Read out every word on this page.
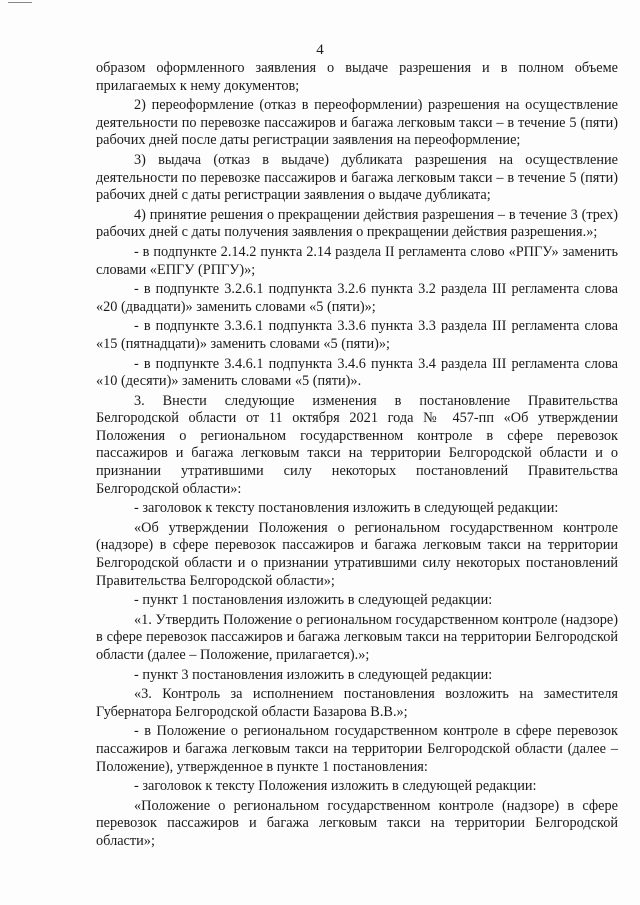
4

образом оформленного заявления о выдаче разрешения и в полном объеме прилагаемых к нему документов;

2) переоформление (отказ в переоформлении) разрешения на осуществление деятельности по перевозке пассажиров и багажа легковым такси – в течение 5 (пяти) рабочих дней после даты регистрации заявления на переоформление;

3) выдача (отказ в выдаче) дубликата разрешения на осуществление деятельности по перевозке пассажиров и багажа легковым такси – в течение 5 (пяти) рабочих дней с даты регистрации заявления о выдаче дубликата;

4) принятие решения о прекращении действия разрешения – в течение 3 (трех) рабочих дней с даты получения заявления о прекращении действия разрешения.»;

- в подпункте 2.14.2 пункта 2.14 раздела II регламента слово «РПГУ» заменить словами «ЕПГУ (РПГУ)»;

- в подпункте 3.2.6.1 подпункта 3.2.6 пункта 3.2 раздела III регламента слова «20 (двадцати)» заменить словами «5 (пяти)»;

- в подпункте 3.3.6.1 подпункта 3.3.6 пункта 3.3 раздела III регламента слова «15 (пятнадцати)» заменить словами «5 (пяти)»;

- в подпункте 3.4.6.1 подпункта 3.4.6 пункта 3.4 раздела III регламента слова «10 (десяти)» заменить словами «5 (пяти)».

3. Внести следующие изменения в постановление Правительства Белгородской области от 11 октября 2021 года № 457-пп «Об утверждении Положения о региональном государственном контроле в сфере перевозок пассажиров и багажа легковым такси на территории Белгородской области и о признании утратившими силу некоторых постановлений Правительства Белгородской области»:

- заголовок к тексту постановления изложить в следующей редакции:

«Об утверждении Положения о региональном государственном контроле (надзоре) в сфере перевозок пассажиров и багажа легковым такси на территории Белгородской области и о признании утратившими силу некоторых постановлений Правительства Белгородской области»;

- пункт 1 постановления изложить в следующей редакции:

«1. Утвердить Положение о региональном государственном контроле (надзоре) в сфере перевозок пассажиров и багажа легковым такси на территории Белгородской области (далее – Положение, прилагается).»;

- пункт 3 постановления изложить в следующей редакции:

«3. Контроль за исполнением постановления возложить на заместителя Губернатора Белгородской области Базарова В.В.»;

- в Положение о региональном государственном контроле в сфере перевозок пассажиров и багажа легковым такси на территории Белгородской области (далее – Положение), утвержденное в пункте 1 постановления:

- заголовок к тексту Положения изложить в следующей редакции:

«Положение о региональном государственном контроле (надзоре) в сфере перевозок пассажиров и багажа легковым такси на территории Белгородской области»;
